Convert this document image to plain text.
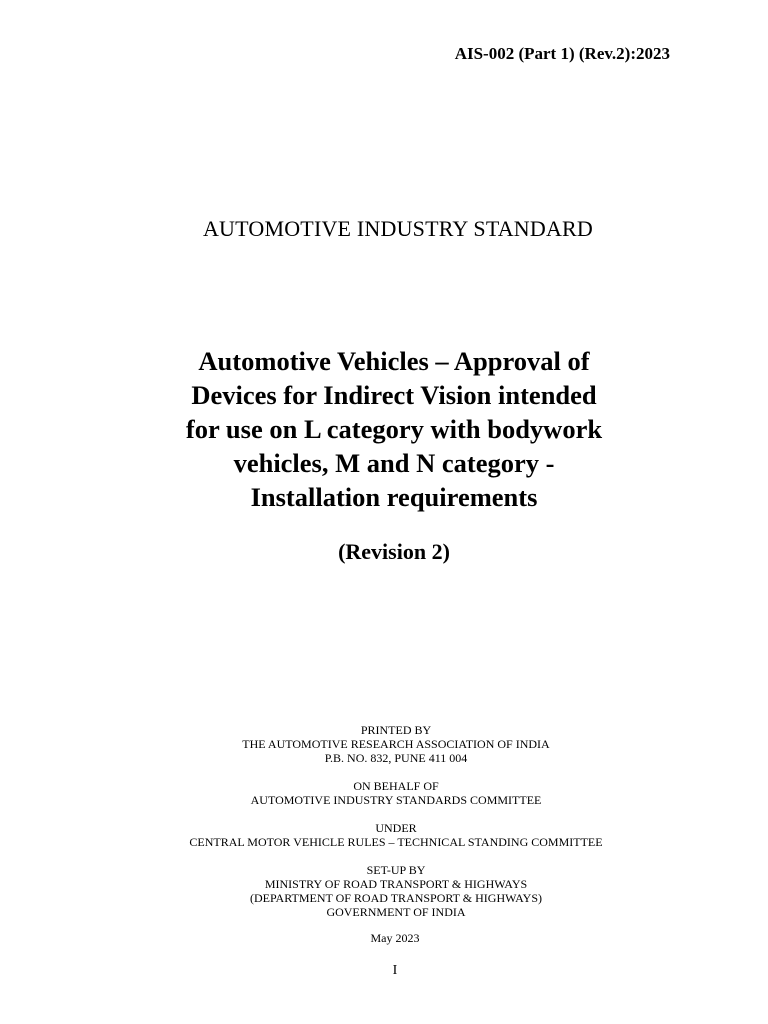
AIS-002 (Part 1) (Rev.2):2023
AUTOMOTIVE INDUSTRY STANDARD
Automotive Vehicles – Approval of
Devices for Indirect Vision intended
for use on L category with bodywork
vehicles, M and N category -
Installation requirements
(Revision 2)
PRINTED BY
THE AUTOMOTIVE RESEARCH ASSOCIATION OF INDIA
P.B. NO. 832, PUNE 411 004
ON BEHALF OF
AUTOMOTIVE INDUSTRY STANDARDS COMMITTEE
UNDER
CENTRAL MOTOR VEHICLE RULES – TECHNICAL STANDING COMMITTEE
SET-UP BY
MINISTRY OF ROAD TRANSPORT & HIGHWAYS
(DEPARTMENT OF ROAD TRANSPORT & HIGHWAYS)
GOVERNMENT OF INDIA
May 2023
I
